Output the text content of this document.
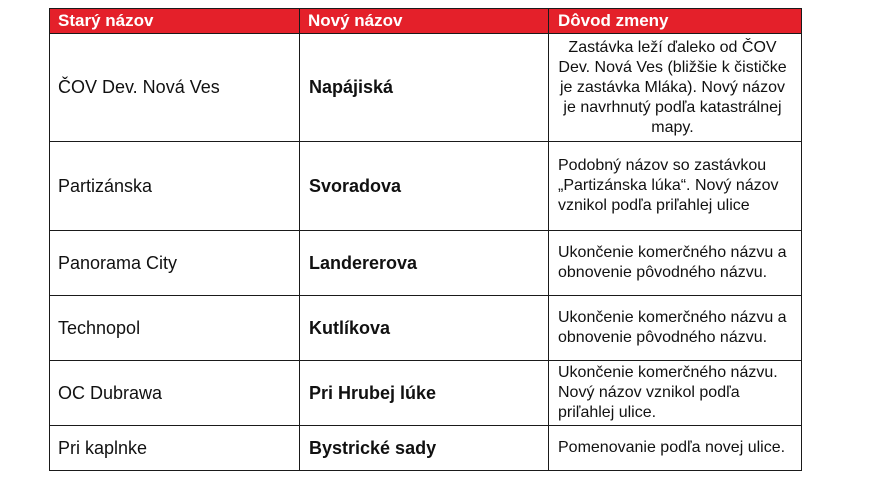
Starý názov	Nový názov	Dôvod zmeny
ČOV Dev. Nová Ves	Napájiská	Zastávka leží ďaleko od ČOV Dev. Nová Ves (bližšie k čističke je zastávka Mláka). Nový názov je navrhnutý podľa katastrálnej mapy.

Partizánska	Svoradova	Podobný názov so zastávkou „Partizánska lúka“. Nový názov vznikol podľa priľahlej ulice

Panorama City	Landererova	Ukončenie komerčného názvu a obnovenie pôvodného názvu.

Technopol	Kutlíkova	Ukončenie komerčného názvu a obnovenie pôvodného názvu.

OC Dubrawa	Pri Hrubej lúke	Ukončenie komerčného názvu. Nový názov vznikol podľa priľahlej ulice.

Pri kaplnke	Bystrické sady	Pomenovanie podľa novej ulice.
